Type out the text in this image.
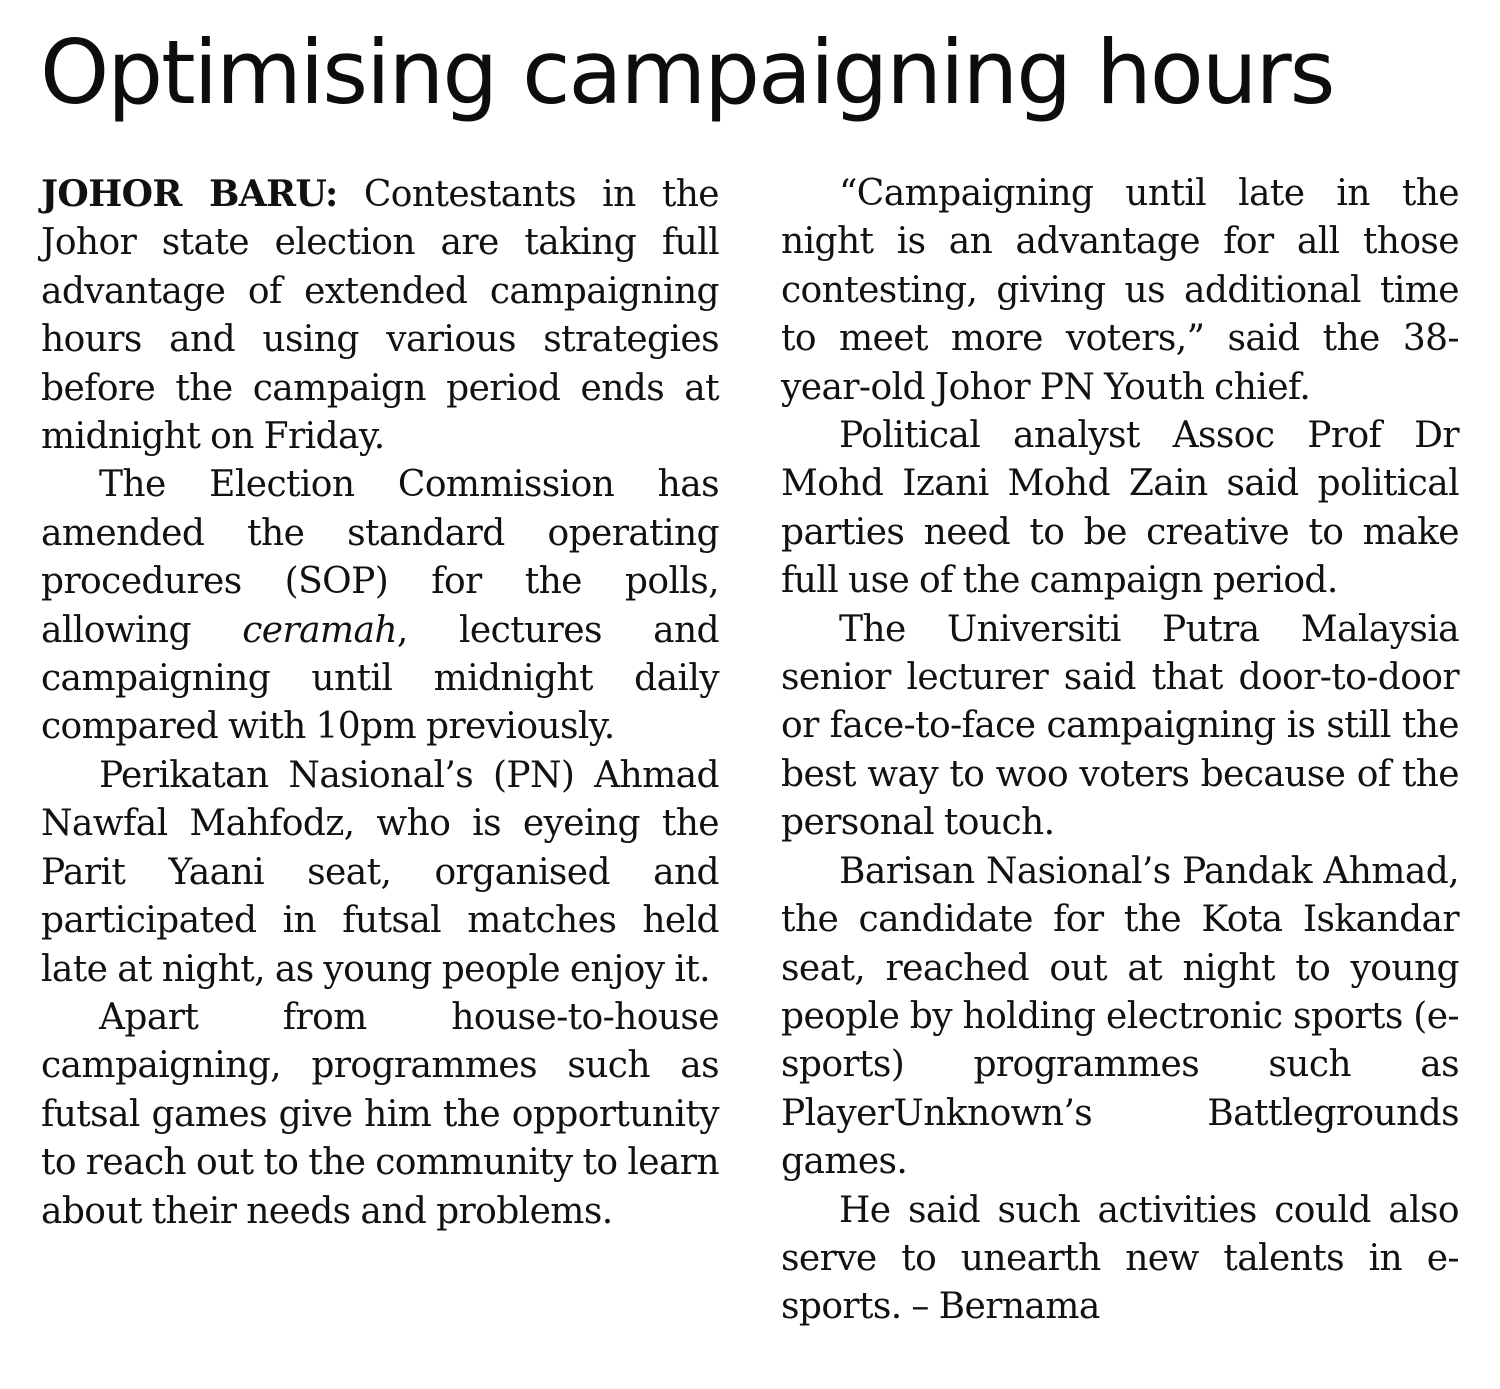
Optimising campaigning hours

JOHOR BARU: Contestants in the Johor state election are taking full advantage of extended campaigning hours and using various strategies before the campaign period ends at midnight on Friday.

The Election Commission has amended the standard operating procedures (SOP) for the polls, allowing ceramah, lectures and campaigning until midnight daily compared with 10pm previously.

Perikatan Nasional’s (PN) Ahmad Nawfal Mahfodz, who is eyeing the Parit Yaani seat, organised and participated in futsal matches held late at night, as young people enjoy it.

Apart from house-to-house campaigning, programmes such as futsal games give him the opportunity to reach out to the community to learn about their needs and problems.

“Campaigning until late in the night is an advantage for all those contesting, giving us additional time to meet more voters,” said the 38-year-old Johor PN Youth chief.

Political analyst Assoc Prof Dr Mohd Izani Mohd Zain said political parties need to be creative to make full use of the campaign period.

The Universiti Putra Malaysia senior lecturer said that door-to-door or face-to-face campaigning is still the best way to woo voters because of the personal touch.

Barisan Nasional’s Pandak Ahmad, the candidate for the Kota Iskandar seat, reached out at night to young people by holding electronic sports (e-sports) programmes such as PlayerUnknown’s Battlegrounds games.

He said such activities could also serve to unearth new talents in e-sports. – Bernama
